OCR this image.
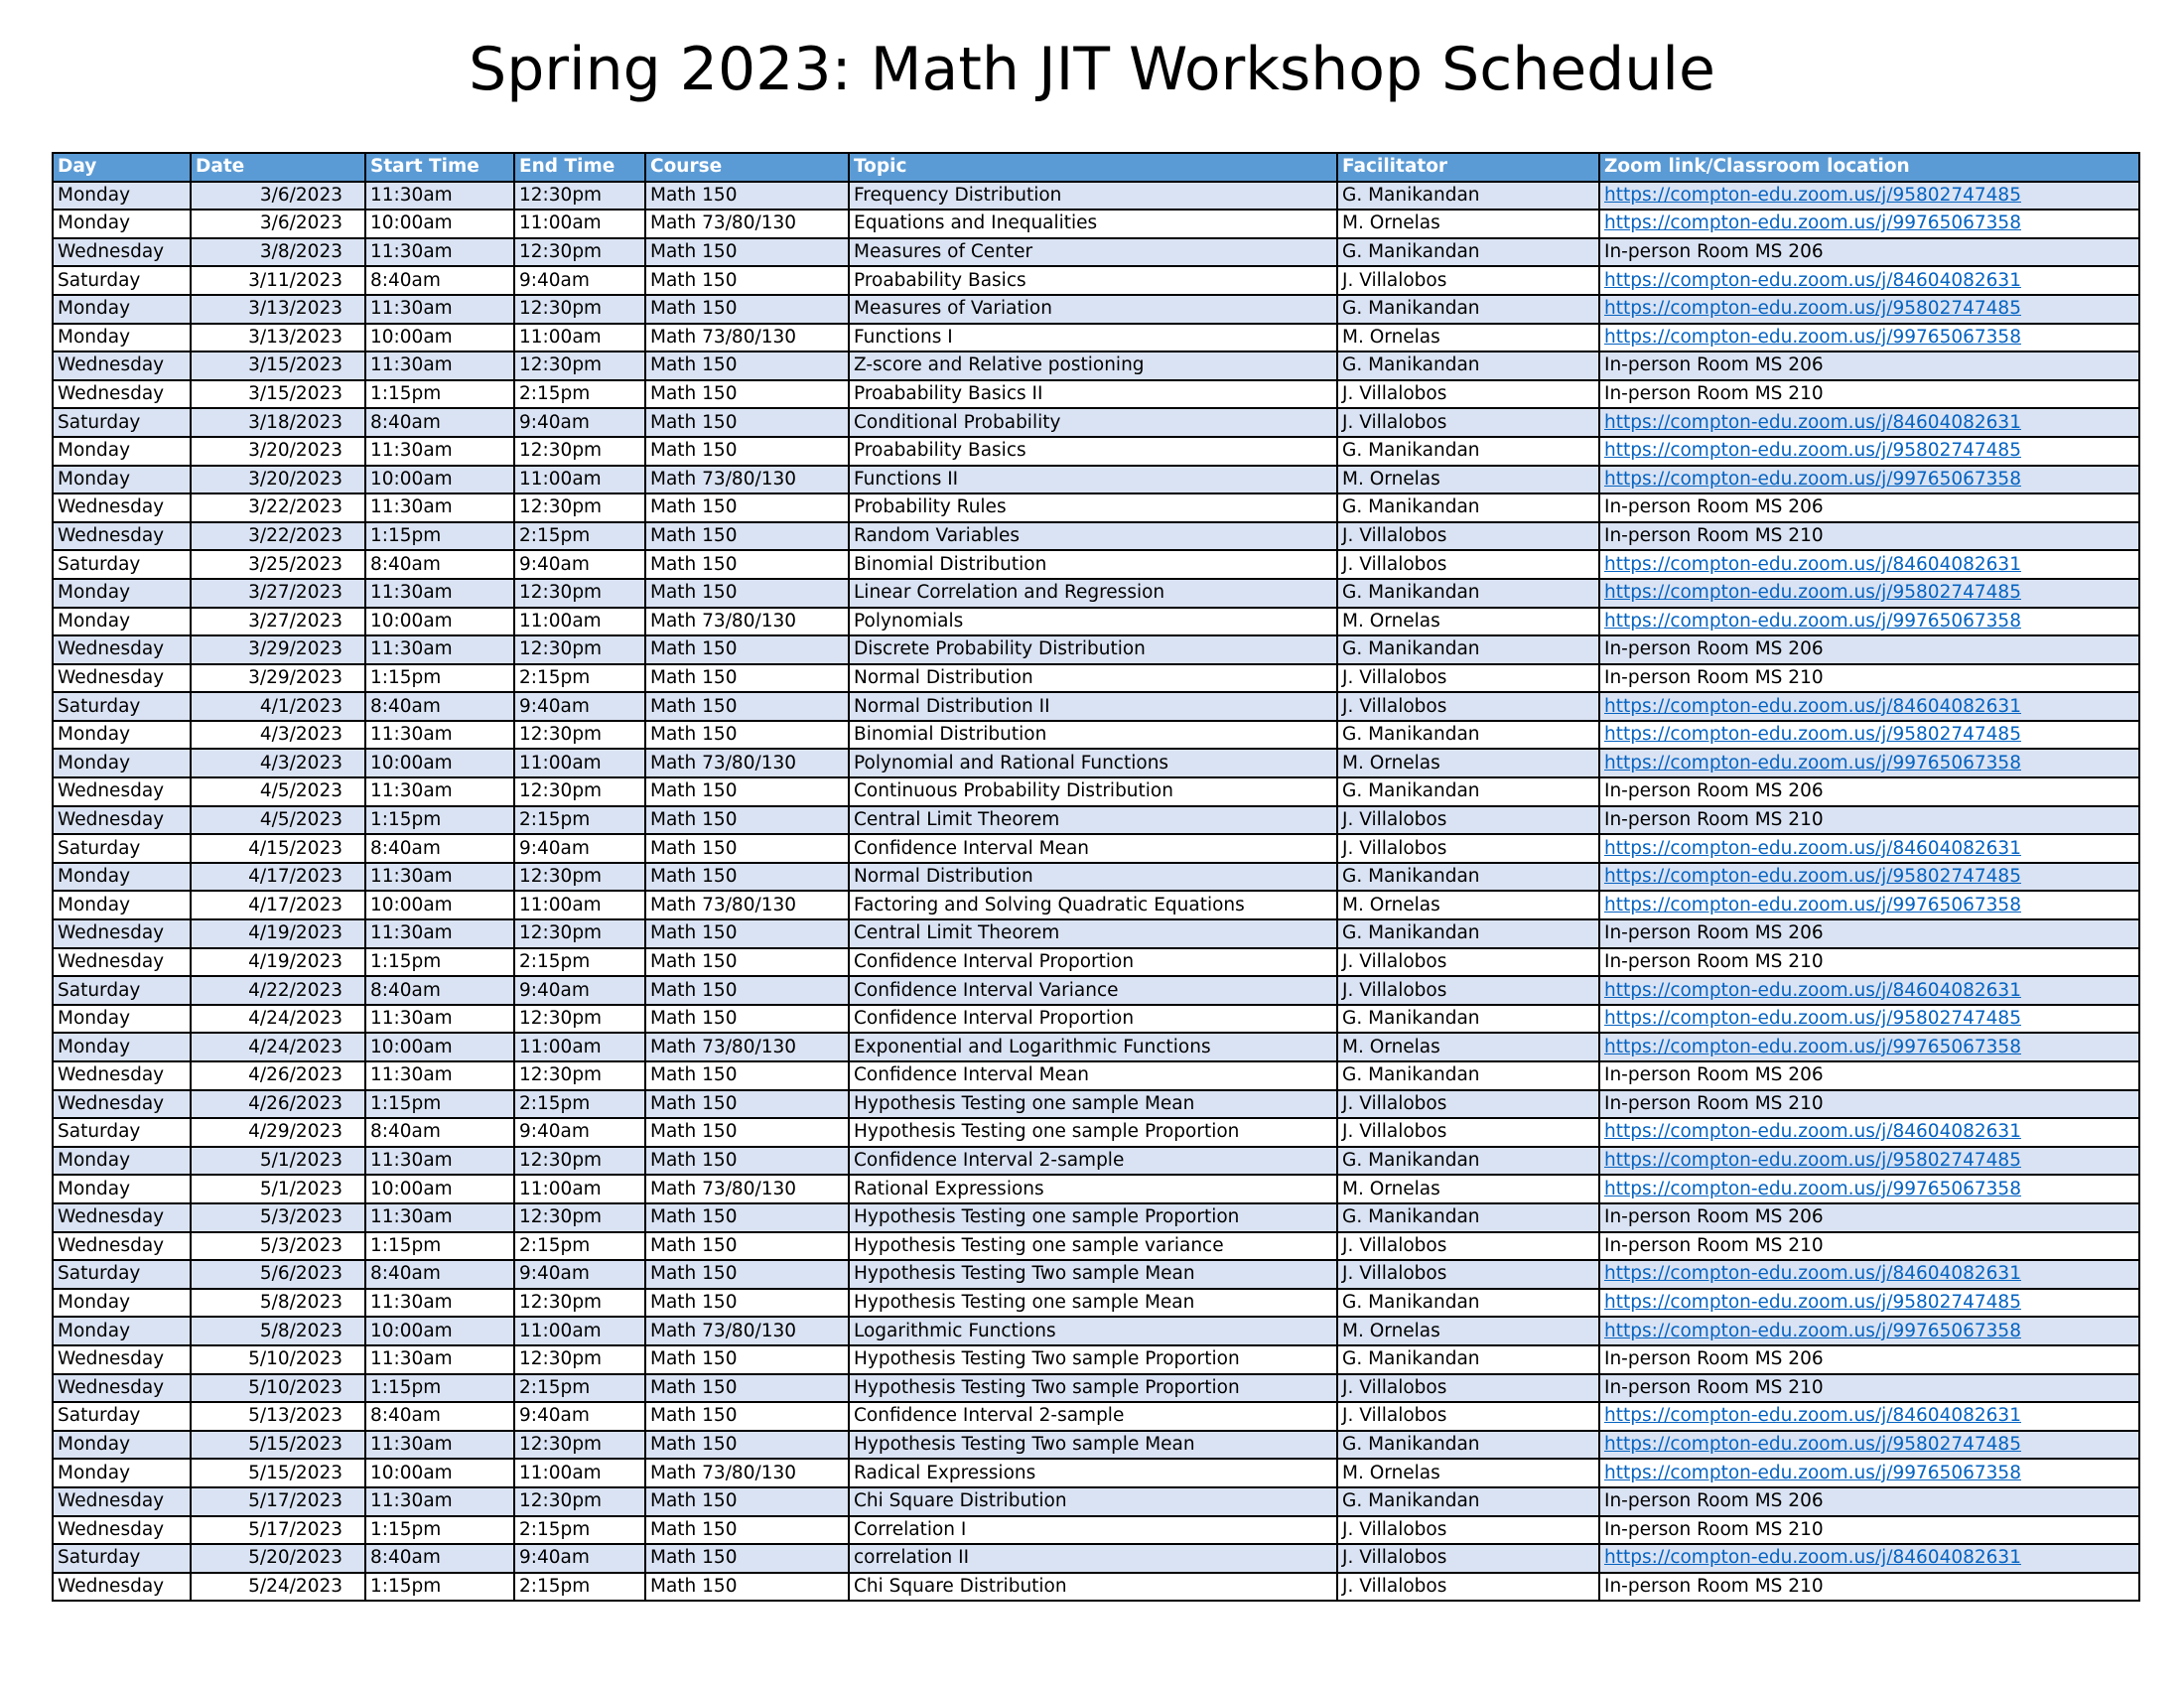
Spring 2023: Math JIT Workshop Schedule
Day	Date	Start Time	End Time	Course	Topic	Facilitator	Zoom link/Classroom location
Monday	3/6/2023	11:30am	12:30pm	Math 150	Frequency Distribution	G. Manikandan	https://compton-edu.zoom.us/j/95802747485
Monday	3/6/2023	10:00am	11:00am	Math 73/80/130	Equations and Inequalities	M. Ornelas	https://compton-edu.zoom.us/j/99765067358
Wednesday	3/8/2023	11:30am	12:30pm	Math 150	Measures of Center	G. Manikandan	In-person Room MS 206
Saturday	3/11/2023	8:40am	9:40am	Math 150	Proabability Basics	J. Villalobos	https://compton-edu.zoom.us/j/84604082631
Monday	3/13/2023	11:30am	12:30pm	Math 150	Measures of Variation	G. Manikandan	https://compton-edu.zoom.us/j/95802747485
Monday	3/13/2023	10:00am	11:00am	Math 73/80/130	Functions I	M. Ornelas	https://compton-edu.zoom.us/j/99765067358
Wednesday	3/15/2023	11:30am	12:30pm	Math 150	Z-score and Relative postioning	G. Manikandan	In-person Room MS 206
Wednesday	3/15/2023	1:15pm	2:15pm	Math 150	Proabability Basics II	J. Villalobos	In-person Room MS 210
Saturday	3/18/2023	8:40am	9:40am	Math 150	Conditional Probability	J. Villalobos	https://compton-edu.zoom.us/j/84604082631
Monday	3/20/2023	11:30am	12:30pm	Math 150	Proabability Basics	G. Manikandan	https://compton-edu.zoom.us/j/95802747485
Monday	3/20/2023	10:00am	11:00am	Math 73/80/130	Functions II	M. Ornelas	https://compton-edu.zoom.us/j/99765067358
Wednesday	3/22/2023	11:30am	12:30pm	Math 150	Probability Rules	G. Manikandan	In-person Room MS 206
Wednesday	3/22/2023	1:15pm	2:15pm	Math 150	Random Variables	J. Villalobos	In-person Room MS 210
Saturday	3/25/2023	8:40am	9:40am	Math 150	Binomial Distribution	J. Villalobos	https://compton-edu.zoom.us/j/84604082631
Monday	3/27/2023	11:30am	12:30pm	Math 150	Linear Correlation and Regression	G. Manikandan	https://compton-edu.zoom.us/j/95802747485
Monday	3/27/2023	10:00am	11:00am	Math 73/80/130	Polynomials	M. Ornelas	https://compton-edu.zoom.us/j/99765067358
Wednesday	3/29/2023	11:30am	12:30pm	Math 150	Discrete Probability Distribution	G. Manikandan	In-person Room MS 206
Wednesday	3/29/2023	1:15pm	2:15pm	Math 150	Normal Distribution	J. Villalobos	In-person Room MS 210
Saturday	4/1/2023	8:40am	9:40am	Math 150	Normal Distribution II	J. Villalobos	https://compton-edu.zoom.us/j/84604082631
Monday	4/3/2023	11:30am	12:30pm	Math 150	Binomial Distribution	G. Manikandan	https://compton-edu.zoom.us/j/95802747485
Monday	4/3/2023	10:00am	11:00am	Math 73/80/130	Polynomial and Rational Functions	M. Ornelas	https://compton-edu.zoom.us/j/99765067358
Wednesday	4/5/2023	11:30am	12:30pm	Math 150	Continuous Probability Distribution	G. Manikandan	In-person Room MS 206
Wednesday	4/5/2023	1:15pm	2:15pm	Math 150	Central Limit Theorem	J. Villalobos	In-person Room MS 210
Saturday	4/15/2023	8:40am	9:40am	Math 150	Confidence Interval Mean	J. Villalobos	https://compton-edu.zoom.us/j/84604082631
Monday	4/17/2023	11:30am	12:30pm	Math 150	Normal Distribution	G. Manikandan	https://compton-edu.zoom.us/j/95802747485
Monday	4/17/2023	10:00am	11:00am	Math 73/80/130	Factoring and Solving Quadratic Equations	M. Ornelas	https://compton-edu.zoom.us/j/99765067358
Wednesday	4/19/2023	11:30am	12:30pm	Math 150	Central Limit Theorem	G. Manikandan	In-person Room MS 206
Wednesday	4/19/2023	1:15pm	2:15pm	Math 150	Confidence Interval Proportion	J. Villalobos	In-person Room MS 210
Saturday	4/22/2023	8:40am	9:40am	Math 150	Confidence Interval Variance	J. Villalobos	https://compton-edu.zoom.us/j/84604082631
Monday	4/24/2023	11:30am	12:30pm	Math 150	Confidence Interval Proportion	G. Manikandan	https://compton-edu.zoom.us/j/95802747485
Monday	4/24/2023	10:00am	11:00am	Math 73/80/130	Exponential and Logarithmic Functions	M. Ornelas	https://compton-edu.zoom.us/j/99765067358
Wednesday	4/26/2023	11:30am	12:30pm	Math 150	Confidence Interval Mean	G. Manikandan	In-person Room MS 206
Wednesday	4/26/2023	1:15pm	2:15pm	Math 150	Hypothesis Testing one sample Mean	J. Villalobos	In-person Room MS 210
Saturday	4/29/2023	8:40am	9:40am	Math 150	Hypothesis Testing one sample Proportion	J. Villalobos	https://compton-edu.zoom.us/j/84604082631
Monday	5/1/2023	11:30am	12:30pm	Math 150	Confidence Interval 2-sample	G. Manikandan	https://compton-edu.zoom.us/j/95802747485
Monday	5/1/2023	10:00am	11:00am	Math 73/80/130	Rational Expressions	M. Ornelas	https://compton-edu.zoom.us/j/99765067358
Wednesday	5/3/2023	11:30am	12:30pm	Math 150	Hypothesis Testing one sample Proportion	G. Manikandan	In-person Room MS 206
Wednesday	5/3/2023	1:15pm	2:15pm	Math 150	Hypothesis Testing one sample variance	J. Villalobos	In-person Room MS 210
Saturday	5/6/2023	8:40am	9:40am	Math 150	Hypothesis Testing Two sample Mean	J. Villalobos	https://compton-edu.zoom.us/j/84604082631
Monday	5/8/2023	11:30am	12:30pm	Math 150	Hypothesis Testing one sample Mean	G. Manikandan	https://compton-edu.zoom.us/j/95802747485
Monday	5/8/2023	10:00am	11:00am	Math 73/80/130	Logarithmic Functions	M. Ornelas	https://compton-edu.zoom.us/j/99765067358
Wednesday	5/10/2023	11:30am	12:30pm	Math 150	Hypothesis Testing Two sample Proportion	G. Manikandan	In-person Room MS 206
Wednesday	5/10/2023	1:15pm	2:15pm	Math 150	Hypothesis Testing Two sample Proportion	J. Villalobos	In-person Room MS 210
Saturday	5/13/2023	8:40am	9:40am	Math 150	Confidence Interval 2-sample	J. Villalobos	https://compton-edu.zoom.us/j/84604082631
Monday	5/15/2023	11:30am	12:30pm	Math 150	Hypothesis Testing Two sample Mean	G. Manikandan	https://compton-edu.zoom.us/j/95802747485
Monday	5/15/2023	10:00am	11:00am	Math 73/80/130	Radical Expressions	M. Ornelas	https://compton-edu.zoom.us/j/99765067358
Wednesday	5/17/2023	11:30am	12:30pm	Math 150	Chi Square Distribution	G. Manikandan	In-person Room MS 206
Wednesday	5/17/2023	1:15pm	2:15pm	Math 150	Correlation I	J. Villalobos	In-person Room MS 210
Saturday	5/20/2023	8:40am	9:40am	Math 150	correlation II	J. Villalobos	https://compton-edu.zoom.us/j/84604082631
Wednesday	5/24/2023	1:15pm	2:15pm	Math 150	Chi Square Distribution	J. Villalobos	In-person Room MS 210
